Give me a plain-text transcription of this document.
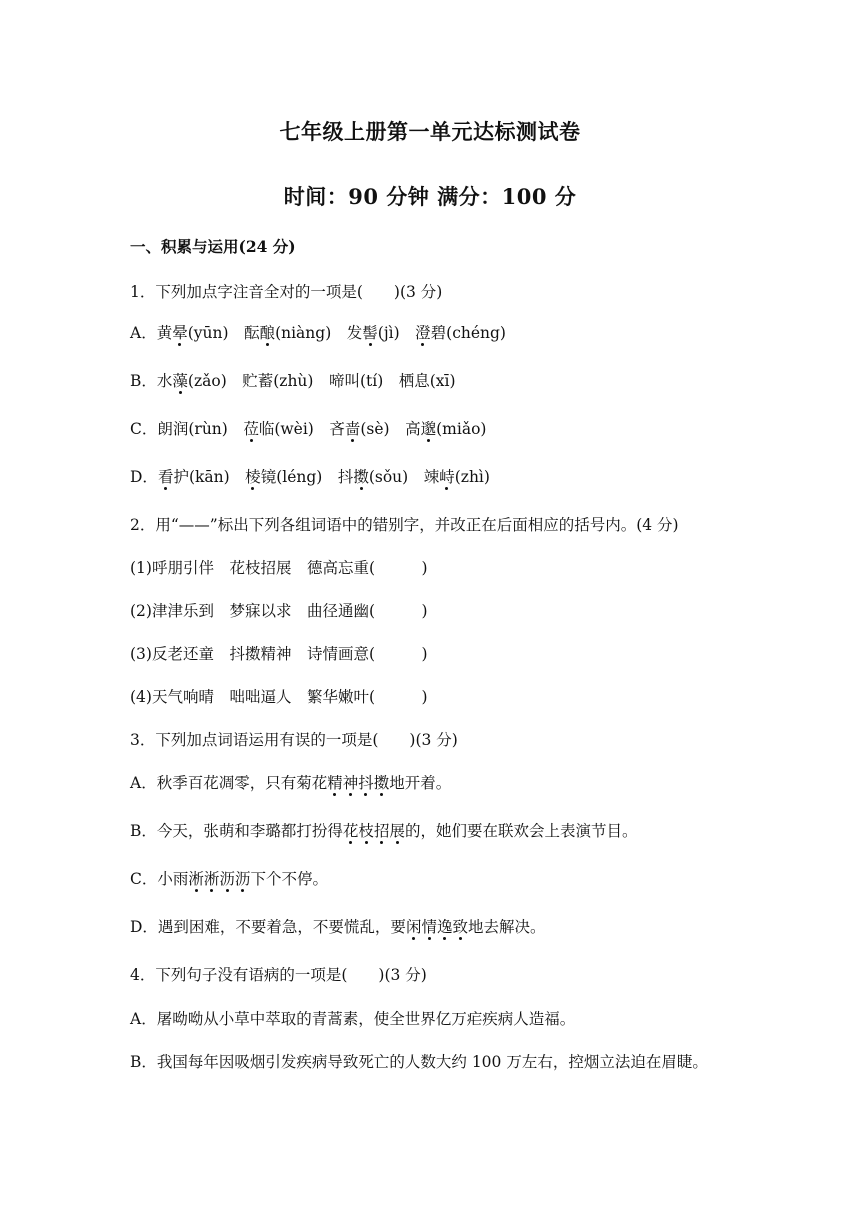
七年级上册第一单元达标测试卷
时间：90 分钟 满分：100 分
一、积累与运用(24 分)
1．下列加点字注音全对的一项是(　　)(3 分)
A．黄晕(yūn)　酝酿(niàng)　发髻(jì)　澄碧(chéng)
B．水藻(zǎo)　贮蓄(zhù)　啼叫(tí)　栖息(xī)
C．朗润(rùn)　莅临(wèi)　吝啬(sè)　高邈(miǎo)
D．看护(kān)　棱镜(léng)　抖擞(sǒu)　竦峙(zhì)
2．用“——”标出下列各组词语中的错别字，并改正在后面相应的括号内。(4 分)
(1)呼朋引伴　花枝招展　德高忘重(　　　)
(2)津津乐到　梦寐以求　曲径通幽(　　　)
(3)反老还童　抖擞精神　诗情画意(　　　)
(4)天气响晴　咄咄逼人　繁华嫩叶(　　　)
3．下列加点词语运用有误的一项是(　　)(3 分)
A．秋季百花凋零，只有菊花精神抖擞地开着。
B．今天，张萌和李璐都打扮得花枝招展的，她们要在联欢会上表演节目。
C．小雨淅淅沥沥下个不停。
D．遇到困难，不要着急，不要慌乱，要闲情逸致地去解决。
4．下列句子没有语病的一项是(　　)(3 分)
A．屠呦呦从小草中萃取的青蒿素，使全世界亿万疟疾病人造福。
B．我国每年因吸烟引发疾病导致死亡的人数大约 100 万左右，控烟立法迫在眉睫。
